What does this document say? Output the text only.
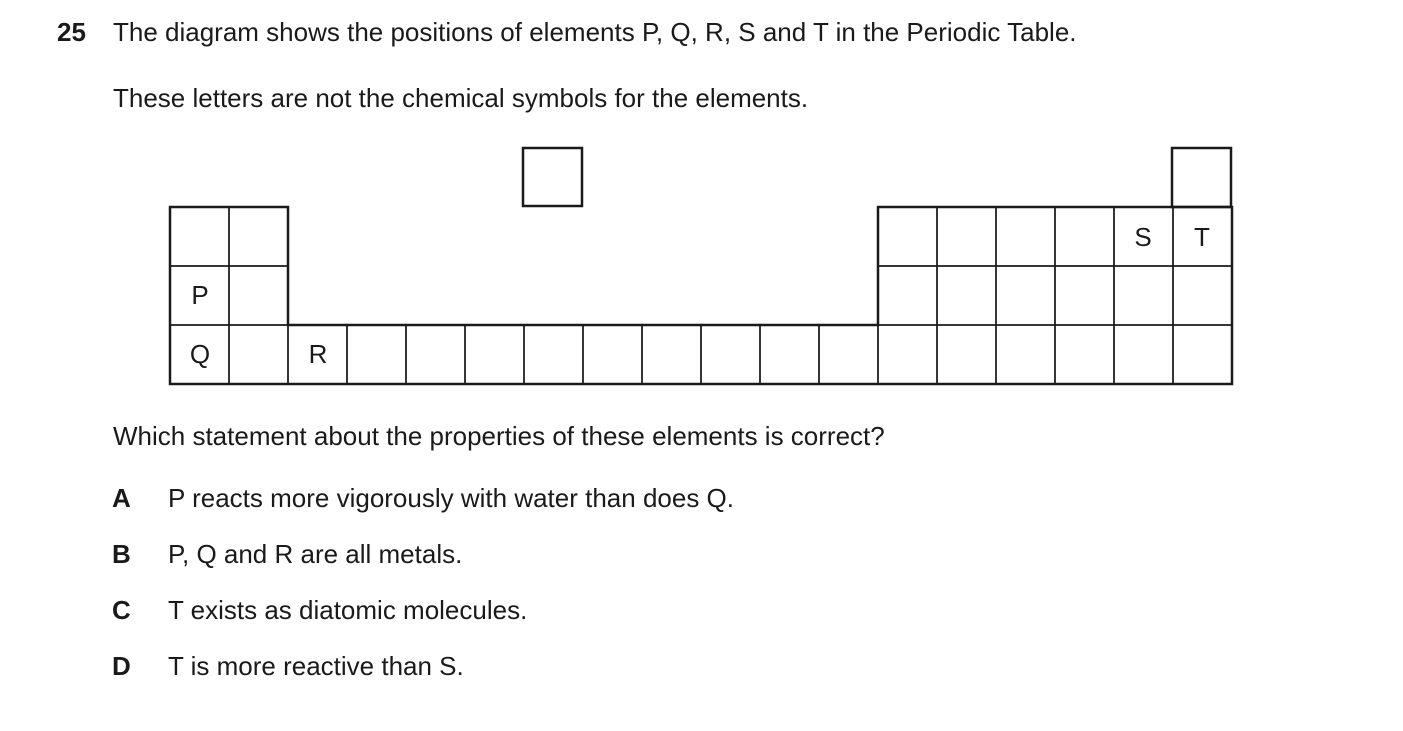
25 The diagram shows the positions of elements P, Q, R, S and T in the Periodic Table.
These letters are not the chemical symbols for the elements.
P
Q	R
S T
Which statement about the properties of these elements is correct?
A P reacts more vigorously with water than does Q.
B P, Q and R are all metals.
C T exists as diatomic molecules.
D T is more reactive than S.
